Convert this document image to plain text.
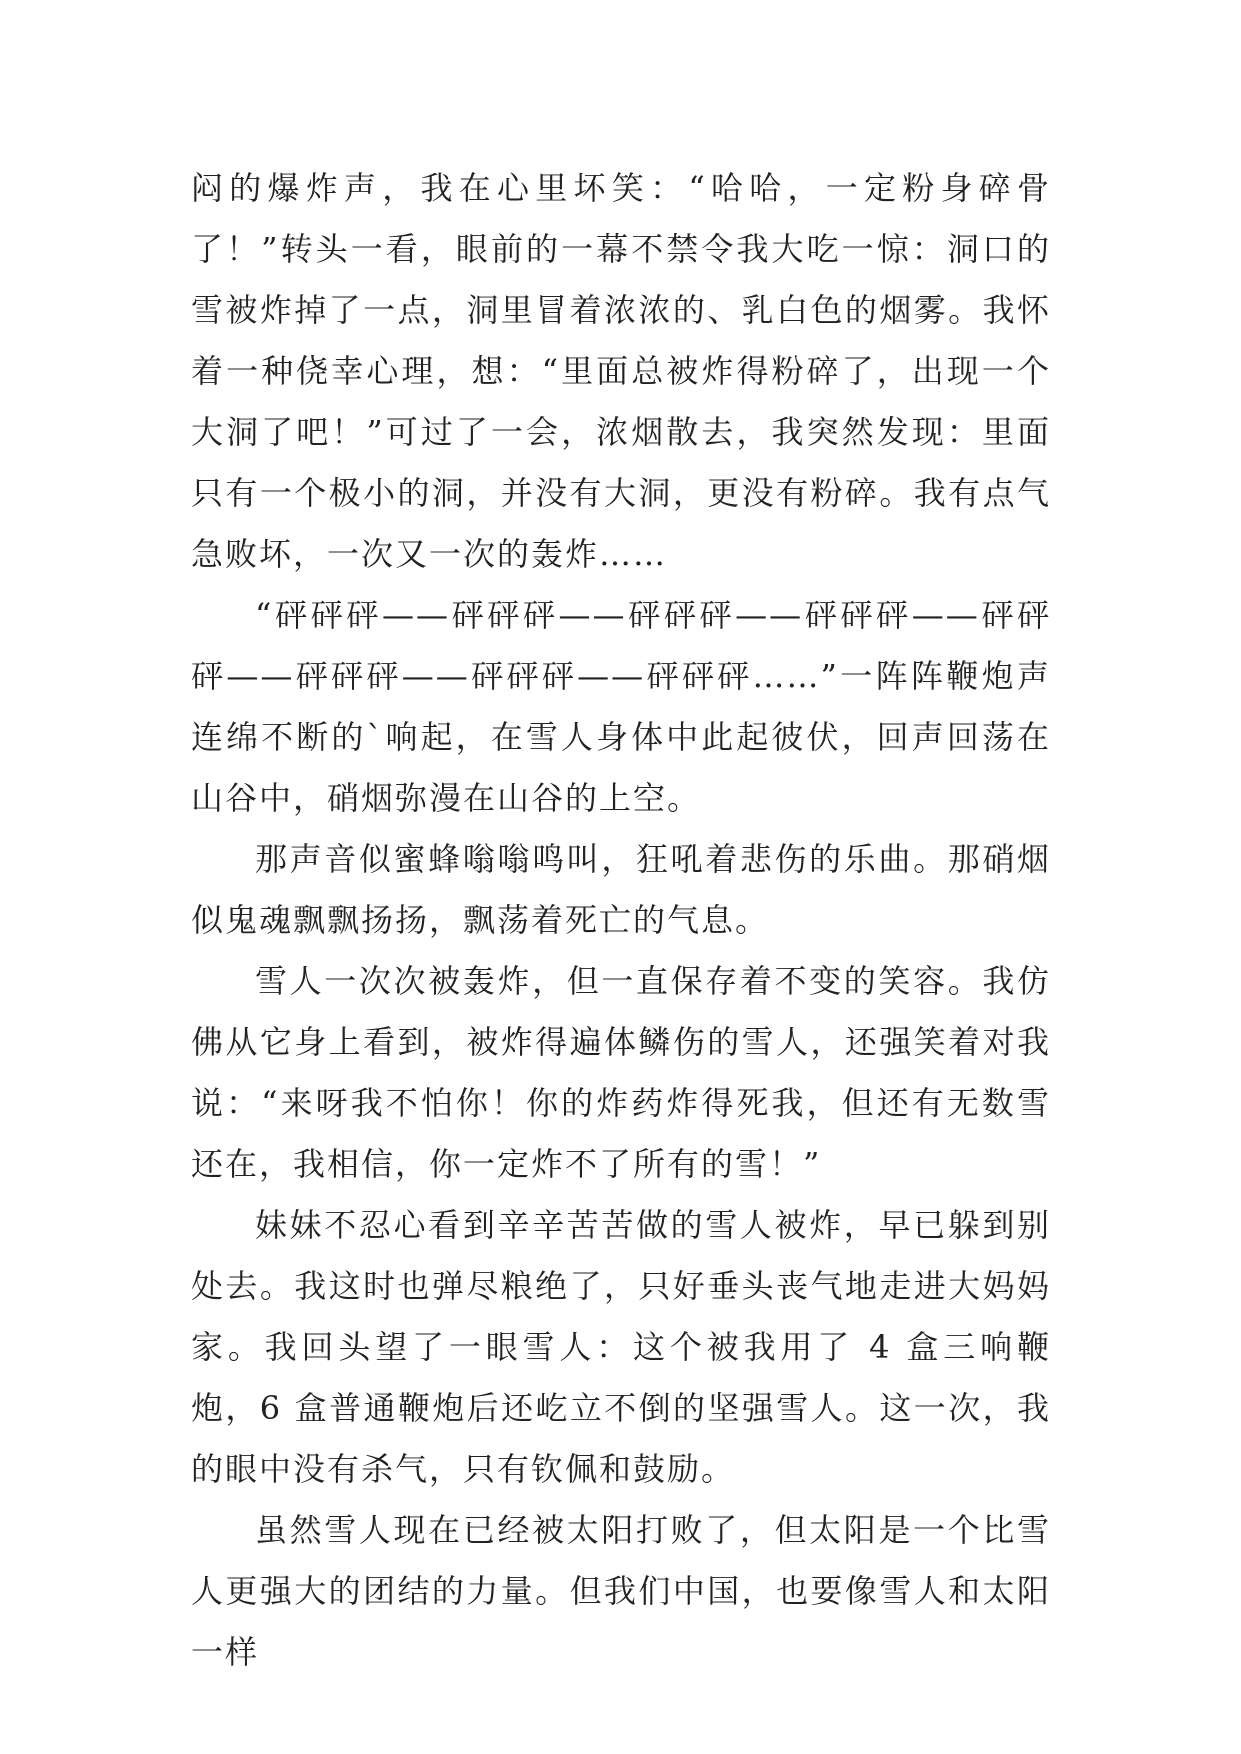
闷的爆炸声，我在心里坏笑：“哈哈，一定粉身碎骨了！”转头一看，眼前的一幕不禁令我大吃一惊：洞口的雪被炸掉了一点，洞里冒着浓浓的、乳白色的烟雾。我怀着一种侥幸心理，想：“里面总被炸得粉碎了，出现一个大洞了吧！”可过了一会，浓烟散去，我突然发现：里面只有一个极小的洞，并没有大洞，更没有粉碎。我有点气急败坏，一次又一次的轰炸……

“砰砰砰——砰砰砰——砰砰砰——砰砰砰——砰砰砰——砰砰砰——砰砰砰——砰砰砰……”一阵阵鞭炮声连绵不断的`响起，在雪人身体中此起彼伏，回声回荡在山谷中，硝烟弥漫在山谷的上空。

那声音似蜜蜂嗡嗡鸣叫，狂吼着悲伤的乐曲。那硝烟似鬼魂飘飘扬扬，飘荡着死亡的气息。

雪人一次次被轰炸，但一直保存着不变的笑容。我仿佛从它身上看到，被炸得遍体鳞伤的雪人，还强笑着对我说：“来呀我不怕你！你的炸药炸得死我，但还有无数雪还在，我相信，你一定炸不了所有的雪！”

妹妹不忍心看到辛辛苦苦做的雪人被炸，早已躲到别处去。我这时也弹尽粮绝了，只好垂头丧气地走进大妈妈家。我回头望了一眼雪人：这个被我用了 4 盒三响鞭炮，6 盒普通鞭炮后还屹立不倒的坚强雪人。这一次，我的眼中没有杀气，只有钦佩和鼓励。

虽然雪人现在已经被太阳打败了，但太阳是一个比雪人更强大的团结的力量。但我们中国，也要像雪人和太阳一样
